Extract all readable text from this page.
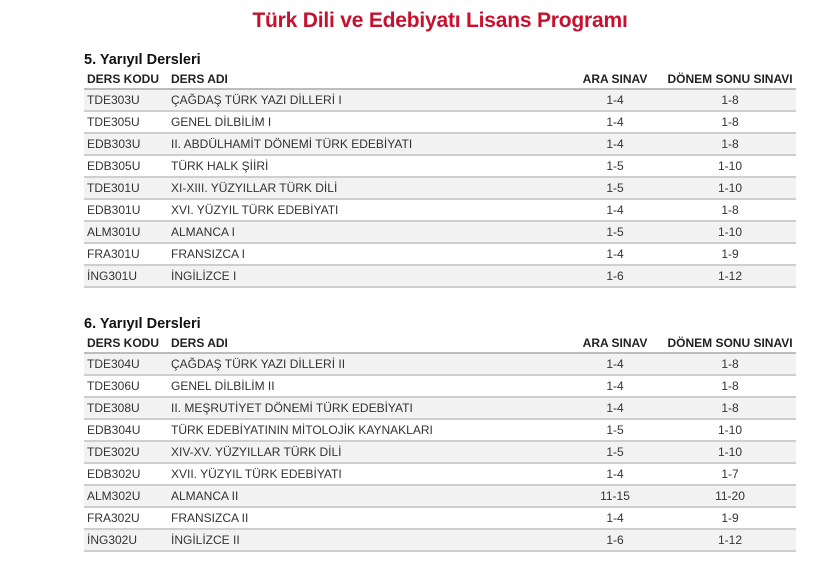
Türk Dili ve Edebiyatı Lisans Programı
5. Yarıyıl Dersleri
DERS KODU	DERS ADI	ARA SINAV	DÖNEM SONU SINAVI
TDE303U	ÇAĞDAŞ TÜRK YAZI DİLLERİ I	1-4	1-8
TDE305U	GENEL DİLBİLİM I	1-4	1-8
EDB303U	II. ABDÜLHAMİT DÖNEMİ TÜRK EDEBİYATI	1-4	1-8
EDB305U	TÜRK HALK ŞİİRİ	1-5	1-10
TDE301U	XI-XIII. YÜZYILLAR TÜRK DİLİ	1-5	1-10
EDB301U	XVI. YÜZYIL TÜRK EDEBİYATI	1-4	1-8
ALM301U	ALMANCA I	1-5	1-10
FRA301U	FRANSIZCA I	1-4	1-9
İNG301U	İNGİLİZCE I	1-6	1-12
6. Yarıyıl Dersleri
DERS KODU	DERS ADI	ARA SINAV	DÖNEM SONU SINAVI
TDE304U	ÇAĞDAŞ TÜRK YAZI DİLLERİ II	1-4	1-8
TDE306U	GENEL DİLBİLİM II	1-4	1-8
TDE308U	II. MEŞRUTİYET DÖNEMİ TÜRK EDEBİYATI	1-4	1-8
EDB304U	TÜRK EDEBİYATININ MİTOLOJİK KAYNAKLARI	1-5	1-10
TDE302U	XIV-XV. YÜZYILLAR TÜRK DİLİ	1-5	1-10
EDB302U	XVII. YÜZYIL TÜRK EDEBİYATI	1-4	1-7
ALM302U	ALMANCA II	11-15	11-20
FRA302U	FRANSIZCA II	1-4	1-9
İNG302U	İNGİLİZCE II	1-6	1-12
